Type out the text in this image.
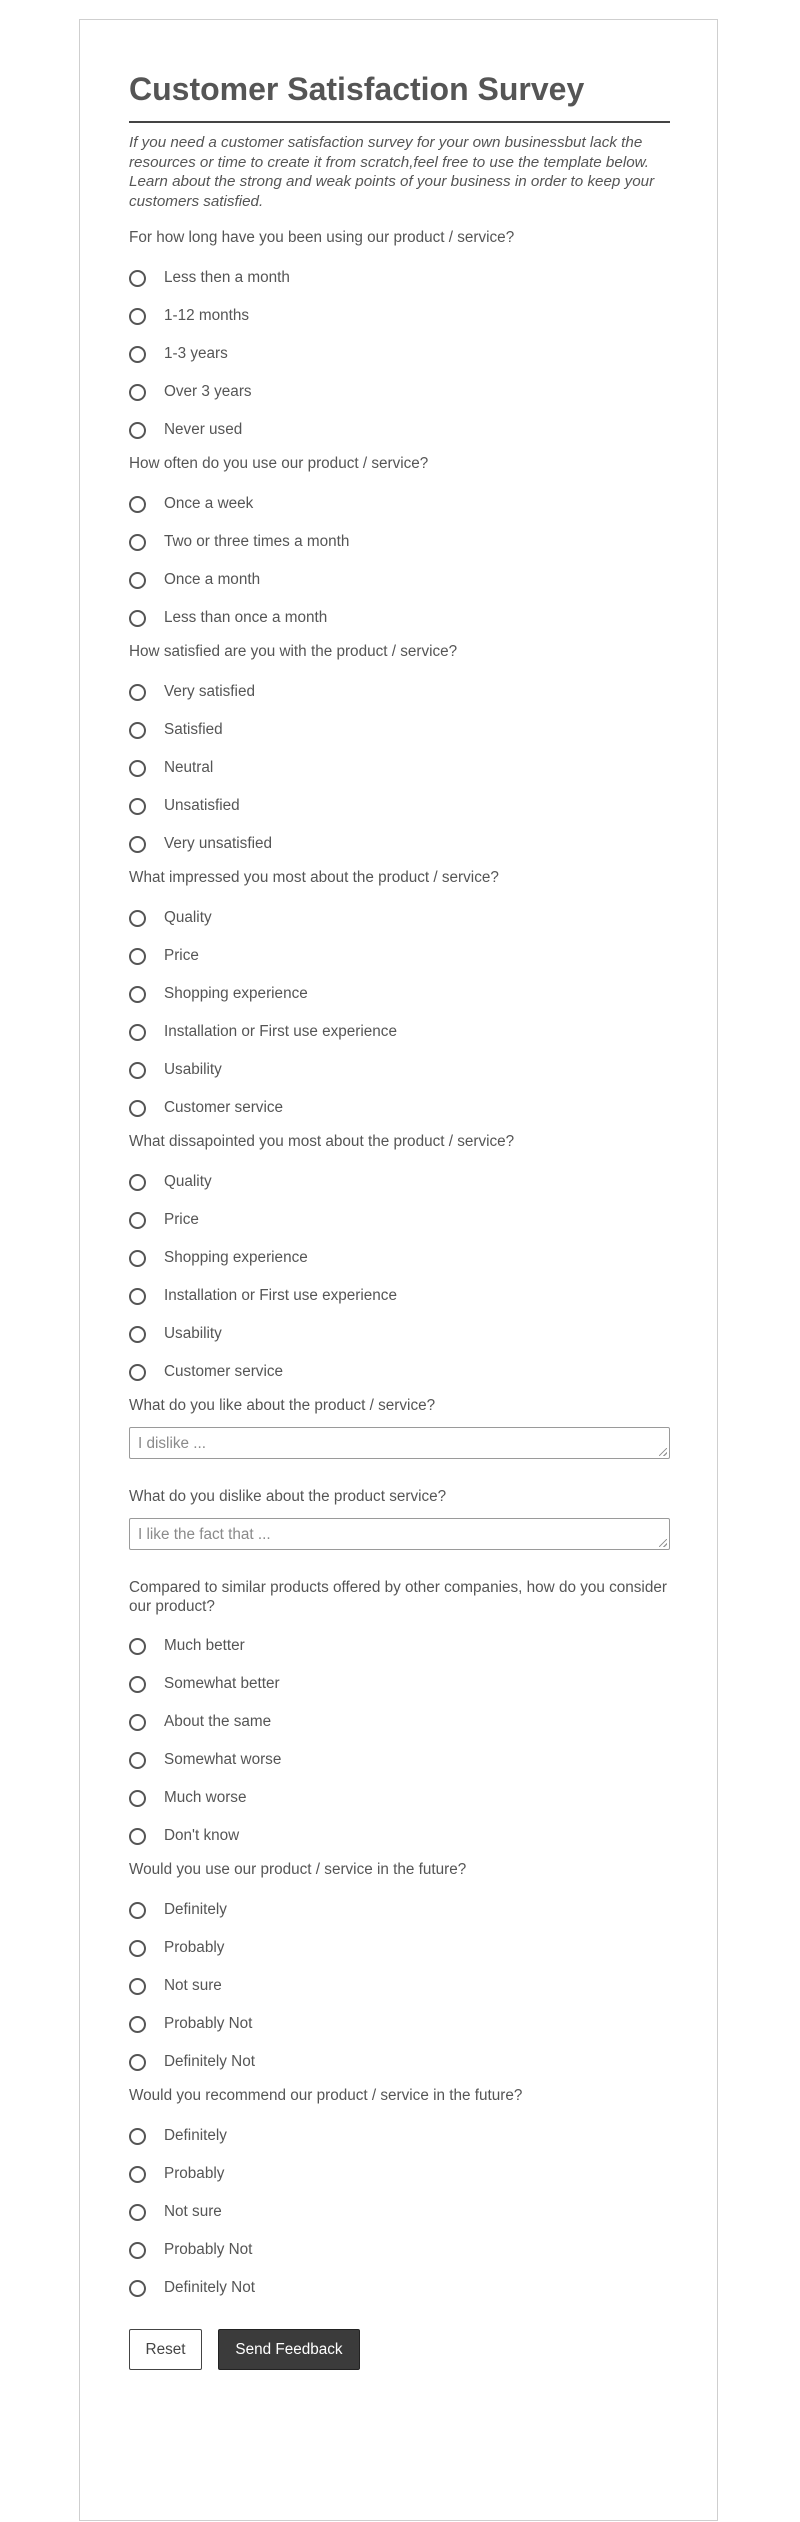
Customer Satisfaction Survey

If you need a customer satisfaction survey for your own businessbut lack the resources or time to create it from scratch,feel free to use the template below. Learn about the strong and weak points of your business in order to keep your customers satisfied.

For how long have you been using our product / service?
Less then a month
1-12 months
1-3 years
Over 3 years
Never used
How often do you use our product / service?
Once a week
Two or three times a month
Once a month
Less than once a month
How satisfied are you with the product / service?
Very satisfied
Satisfied
Neutral
Unsatisfied
Very unsatisfied
What impressed you most about the product / service?
Quality
Price
Shopping experience
Installation or First use experience
Usability
Customer service
What dissapointed you most about the product / service?
Quality
Price
Shopping experience
Installation or First use experience
Usability
Customer service
What do you like about the product / service?
I dislike ...
What do you dislike about the product service?
I like the fact that ...
Compared to similar products offered by other companies, how do you consider our product?
Much better
Somewhat better
About the same
Somewhat worse
Much worse
Don't know
Would you use our product / service in the future?
Definitely
Probably
Not sure
Probably Not
Definitely Not
Would you recommend our product / service in the future?
Definitely
Probably
Not sure
Probably Not
Definitely Not
Reset	Send Feedback
